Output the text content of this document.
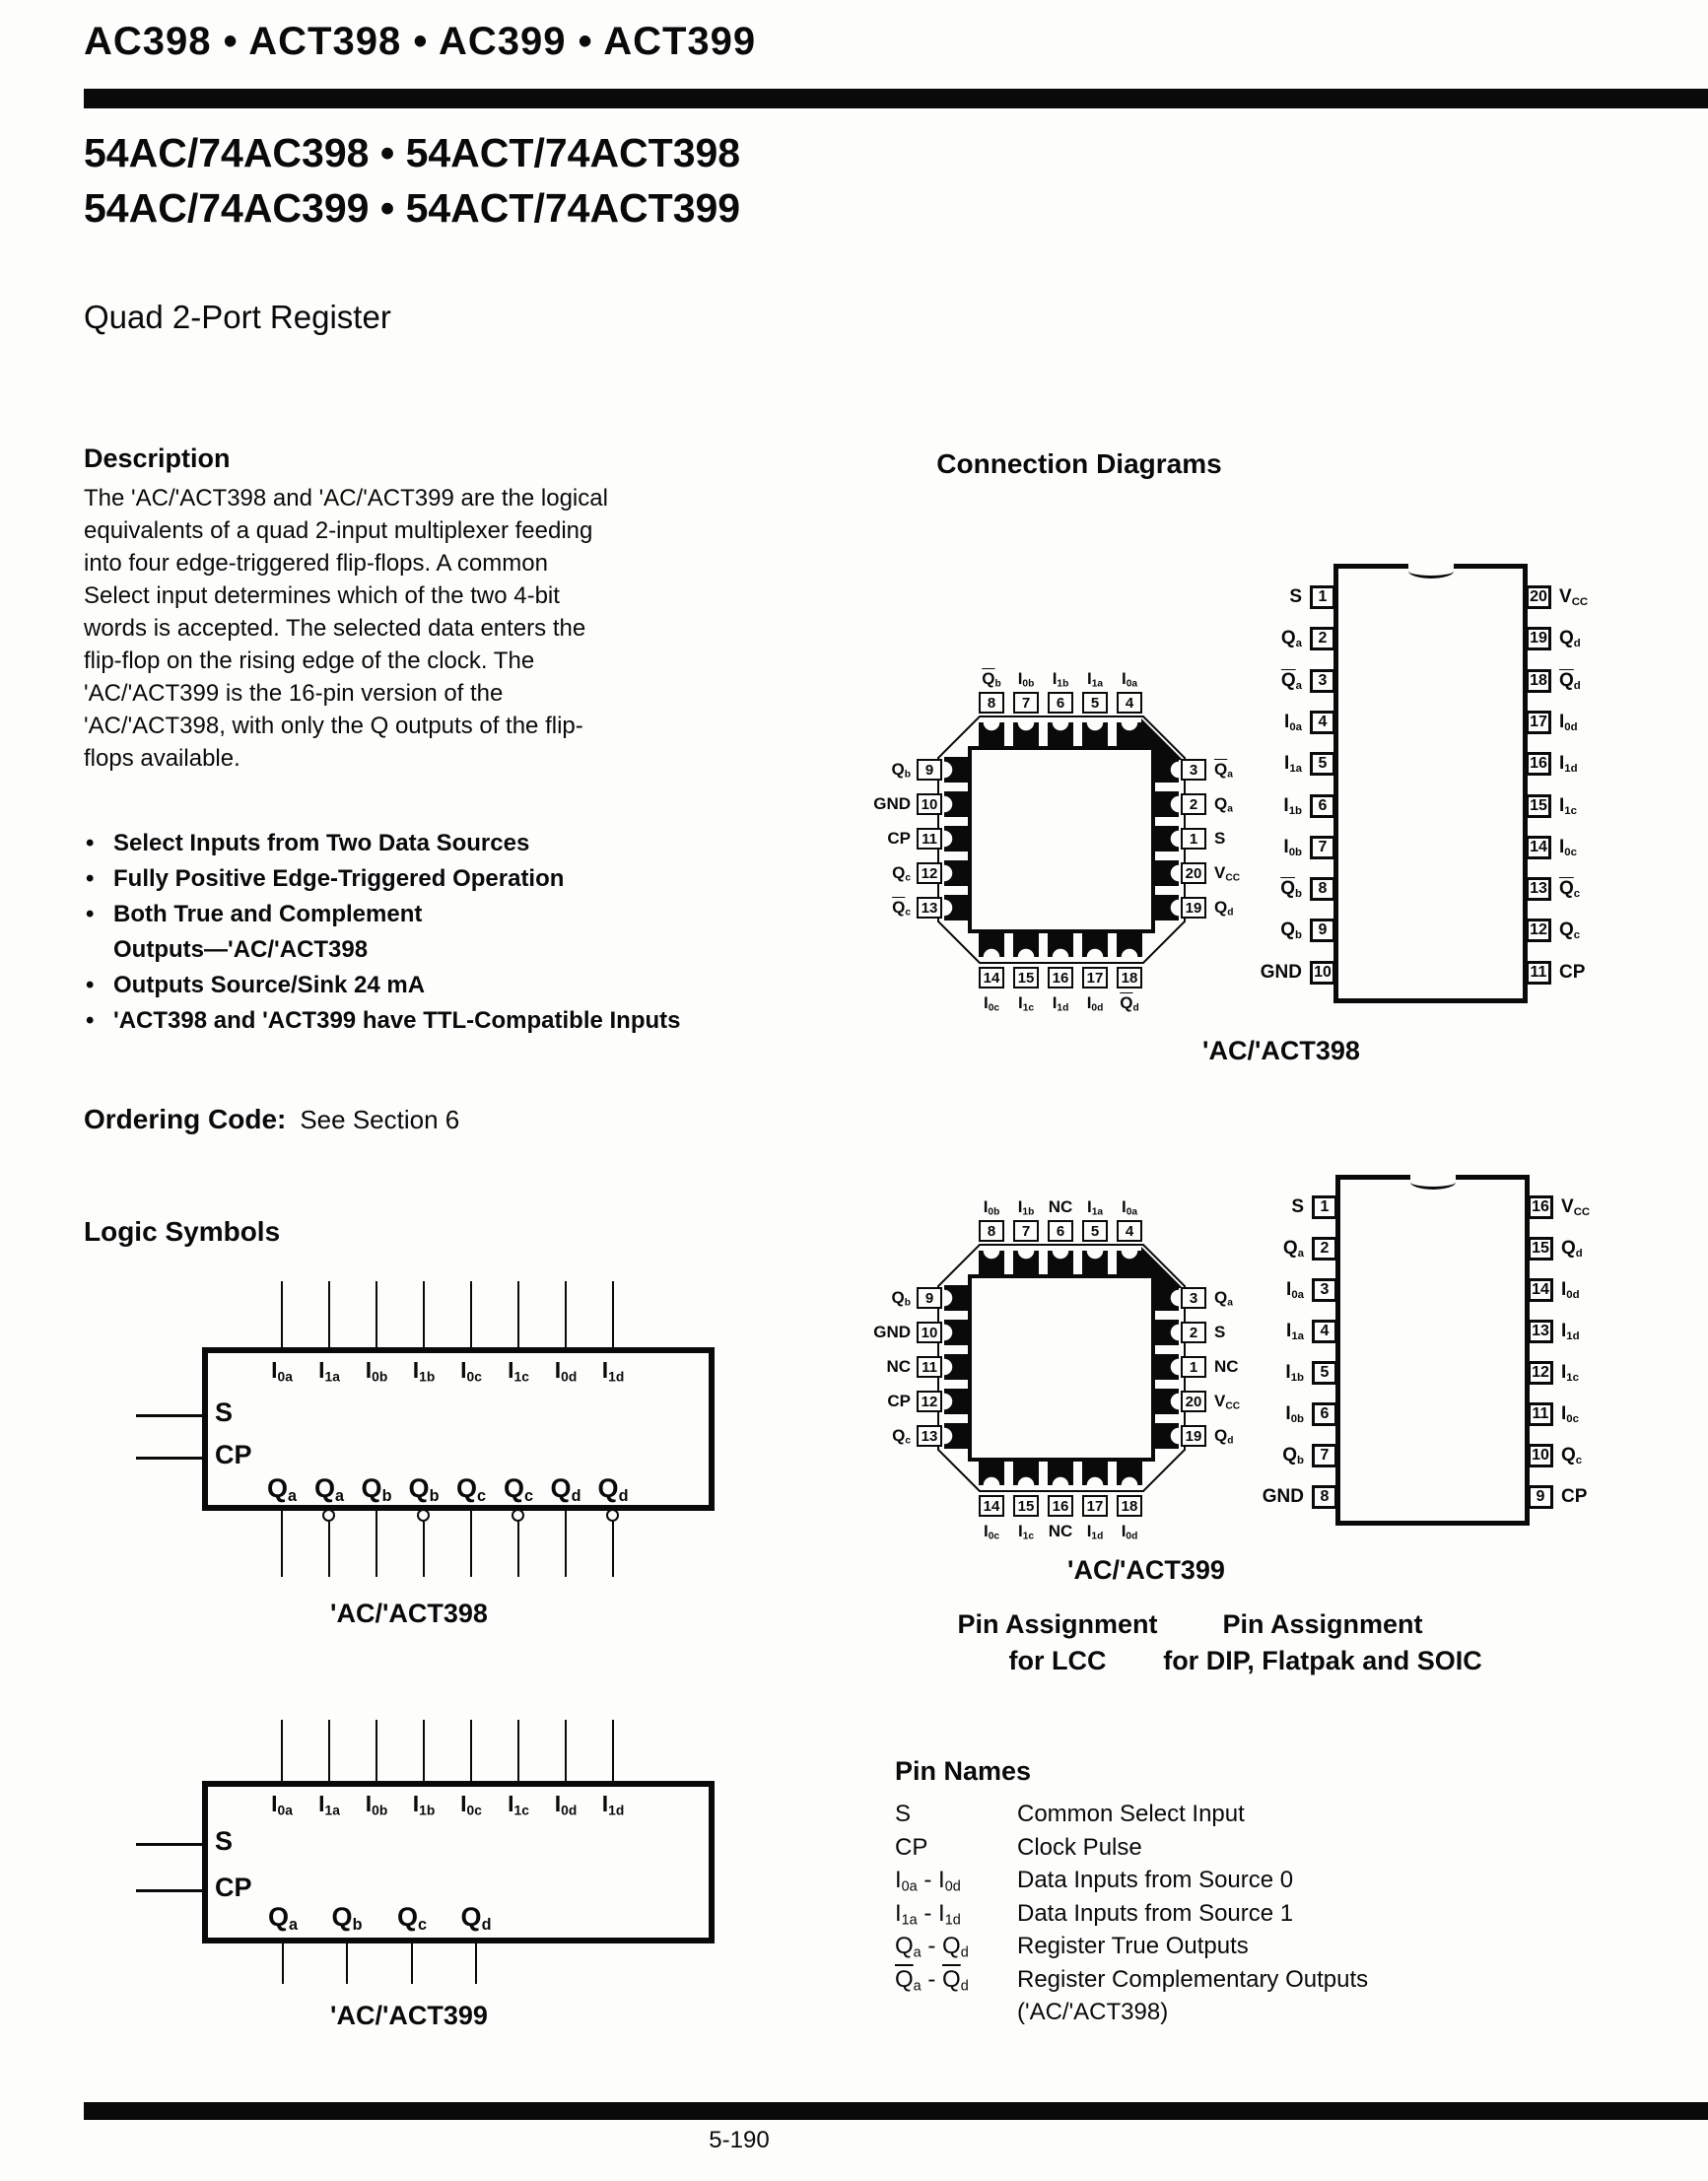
AC398 • ACT398 • AC399 • ACT399
54AC/74AC398 • 54ACT/74ACT398
54AC/74AC399 • 54ACT/74ACT399
Quad 2-Port Register
Description
The 'AC/'ACT398 and 'AC/'ACT399 are the logical equivalents of a quad 2-input multiplexer feeding into four edge-triggered flip-flops. A common Select input determines which of the two 4-bit words is accepted. The selected data enters the flip-flop on the rising edge of the clock. The 'AC/'ACT399 is the 16-pin version of the 'AC/'ACT398, with only the Q outputs of the flip-flops available.
• Select Inputs from Two Data Sources
• Fully Positive Edge-Triggered Operation
• Both True and Complement
Outputs—'AC/'ACT398
• Outputs Source/Sink 24 mA
• 'ACT398 and 'ACT399 have TTL-Compatible Inputs
Ordering Code: See Section 6
Logic Symbols
Connection Diagrams
$I_{0a}$	$I_{1a}$	$I_{0b}$	$I_{1b}$	$I_{0c}$	$I_{1c}$	$I_{0d}$	$I_{1d}$
S
CP
$Q_a$ $Q_a$ $Q_b$ $Q_b$ $Q_c$ $Q_c$ $Q_d$ $Q_d$
'AC/'ACT398
$I_{0a}$	$I_{1a}$	$I_{0b}$	$I_{1b}$	$I_{0c}$	$I_{1c}$	$I_{0d}$	$I_{1d}$
S
CP
$Q_a$	$Q_b$	$Q_c$	$Q_d$
'AC/'ACT399
8
$\overline{Q}_b$
7
$I_{0b}$
6
$I_{1b}$
5
$I_{1a}$
4
$I_{0a}$
14
$I_{0c}$
15
$I_{1c}$
16
$I_{1d}$
17
$I_{0d}$
18
$\overline{Q}_d$
9
$Q_b$
10
GND
11
CP
12
$Q_c$
13
$\overline{Q}_c$
3 $\overline{Q}_a$
2 $Q_a$
1 S
20 $V_{CC}$
19 $Q_d$
1
S
2
$Q_a$
3
$\overline{Q}_a$
4
$I_{0a}$
5
$I_{1a}$
6
$I_{1b}$
7
$I_{0b}$
8
$\overline{Q}_b$
9
$Q_b$
10
GND
20 $V_{CC}$
19 $Q_d$
18 $\overline{Q}_d$
17 $I_{0d}$
16 $I_{1d}$
15 $I_{1c}$
14 $I_{0c}$
13 $\overline{Q}_c$
12 $Q_c$
11 CP
'AC/'ACT398
8
$I_{0b}$
7
$I_{1b}$
6
NC
5
$I_{1a}$
4
$I_{0a}$
14
$I_{0c}$
15
$I_{1c}$
16
NC
17
$I_{1d}$
18
$I_{0d}$
9
$Q_b$
10
GND
11
NC
12
CP
13
$Q_c$
3 $Q_a$
2 S
1 NC
20 $V_{CC}$
19 $Q_d$
1
S
2
$Q_a$
3
$I_{0a}$
4
$I_{1a}$
5
$I_{1b}$
6
$I_{0b}$
7
$Q_b$
8
GND
16 $V_{CC}$
15 $Q_d$
14 $I_{0d}$
13 $I_{1d}$
12 $I_{1c}$
11 $I_{0c}$
10 $Q_c$
9 CP
'AC/'ACT399
Pin Assignment
for LCC
Pin Assignment
for DIP, Flatpak and SOIC
Pin Names
S	Common Select Input
CP	Clock Pulse
$I_{0a} - I_{0d}$	Data Inputs from Source 0
$I_{1a} - I_{1d}$	Data Inputs from Source 1
$Q_a - Q_d$	Register True Outputs
$\overline{Q}_a - \overline{Q}_d$	Register Complementary Outputs ('AC/'ACT398)
5-190
